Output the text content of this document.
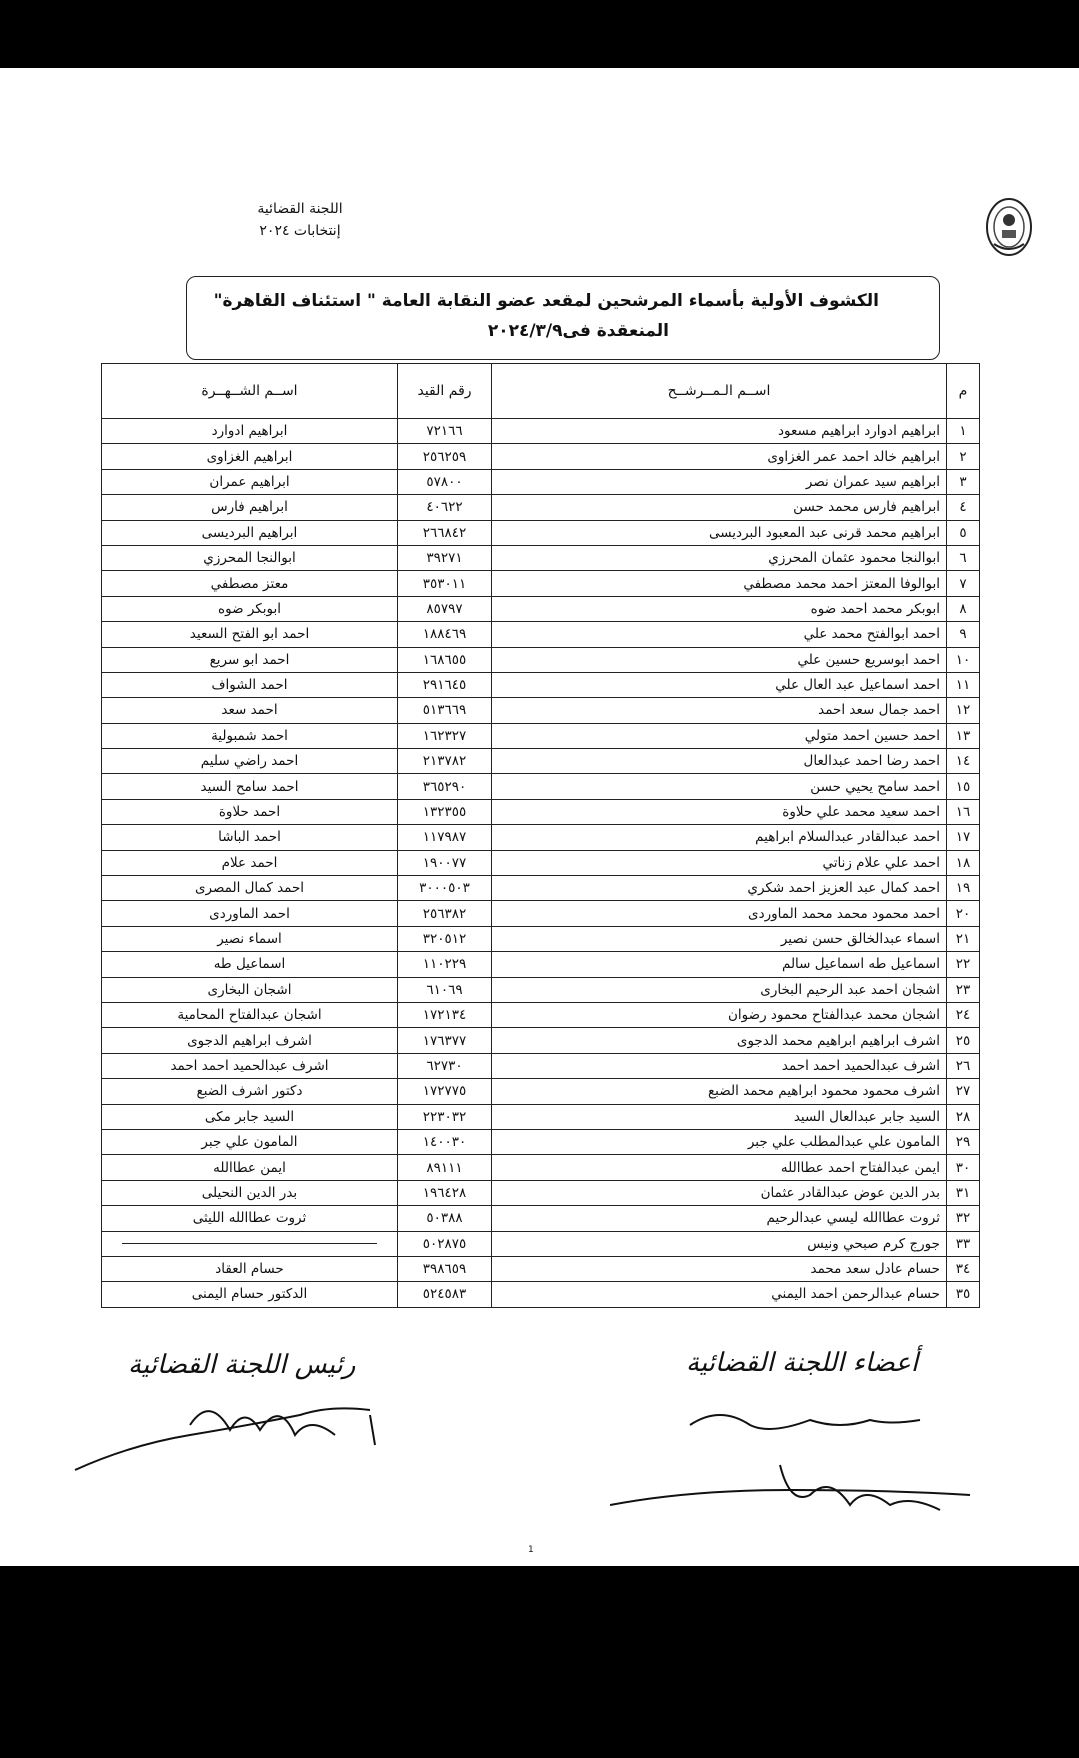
اللجنة القضائية
إنتخابات ٢٠٢٤
الكشوف الأولية بأسماء المرشحين لمقعد عضو النقابة العامة " استئناف القاهرة"
المنعقدة فى٢٠٢٤/٣/٩
م	اســم الـمــرشــح	رقم القيد	اســم الشــهــرة
١	ابراهيم ادوارد ابراهيم مسعود	٧٢١٦٦	ابراهيم ادوارد
٢	ابراهيم خالد احمد عمر الغزاوى	٢٥٦٢٥٩	ابراهيم الغزاوى
٣	ابراهيم سيد عمران نصر	٥٧٨٠٠	ابراهيم عمران
٤	ابراهيم فارس محمد حسن	٤٠٦٢٢	ابراهيم فارس
٥	ابراهيم محمد قرنى عبد المعبود البرديسى	٢٦٦٨٤٢	ابراهيم البرديسى
٦	ابوالنجا محمود عثمان المحرزي	٣٩٢٧١	ابوالنجا المحرزي
٧	ابوالوفا المعتز احمد محمد مصطفي	٣٥٣٠١١	معتز مصطفي
٨	ابوبكر محمد احمد ضوه	٨٥٧٩٧	ابوبكر ضوه
٩	احمد ابوالفتح محمد علي	١٨٨٤٦٩	احمد ابو الفتح السعيد
١٠	احمد ابوسريع حسين علي	١٦٨٦٥٥	احمد ابو سريع
١١	احمد اسماعيل عبد العال علي	٢٩١٦٤٥	احمد الشواف
١٢	احمد جمال سعد احمد	٥١٣٦٦٩	احمد سعد
١٣	احمد حسين احمد متولي	١٦٢٣٢٧	احمد شمبولية
١٤	احمد رضا احمد عبدالعال	٢١٣٧٨٢	احمد راضي سليم
١٥	احمد سامح يحيي حسن	٣٦٥٢٩٠	احمد سامح السيد
١٦	احمد سعيد محمد علي حلاوة	١٣٢٣٥٥	احمد حلاوة
١٧	احمد عبدالقادر عبدالسلام ابراهيم	١١٧٩٨٧	احمد الباشا
١٨	احمد علي علام زناتي	١٩٠٠٧٧	احمد علام
١٩	احمد كمال عبد العزيز احمد شكري	٣٠٠٠٥٠٣	احمد كمال المصرى
٢٠	احمد محمود محمد محمد الماوردى	٢٥٦٣٨٢	احمد الماوردى
٢١	اسماء عبدالخالق حسن نصير	٣٢٠٥١٢	اسماء نصير
٢٢	اسماعيل طه اسماعيل سالم	١١٠٢٢٩	اسماعيل طه
٢٣	اشجان احمد عبد الرحيم البخارى	٦١٠٦٩	اشجان البخارى
٢٤	اشجان محمد عبدالفتاح محمود رضوان	١٧٢١٣٤	اشجان عبدالفتاح المحامية
٢٥	اشرف ابراهيم ابراهيم محمد الدجوى	١٧٦٣٧٧	اشرف ابراهيم الدجوى
٢٦	اشرف عبدالحميد احمد احمد	٦٢٧٣٠	اشرف عبدالحميد احمد احمد
٢٧	اشرف محمود محمود ابراهيم محمد الضبع	١٧٢٧٧٥	دكتور اشرف الضبع
٢٨	السيد جابر عبدالعال السيد	٢٢٣٠٣٢	السيد جابر مكى
٢٩	المامون علي عبدالمطلب علي جبر	١٤٠٠٣٠	المامون علي جبر
٣٠	ايمن عبدالفتاح احمد عطاالله	٨٩١١١	ايمن عطاالله
٣١	بدر الدين عوض عبدالقادر عثمان	١٩٦٤٢٨	بدر الدين النحيلى
٣٢	ثروت عطاالله ليسي عبدالرحيم	٥٠٣٨٨	ثروت عطاالله الليثى
٣٣	جورج كرم صبحي ونيس	٥٠٢٨٧٥	

٣٤	حسام عادل سعد محمد	٣٩٨٦٥٩	حسام العقاد
٣٥	حسام عبدالرحمن احمد اليمني	٥٢٤٥٨٣	الدكتور حسام اليمنى
رئيس اللجنة القضائية	أعضاء اللجنة القضائية
1
